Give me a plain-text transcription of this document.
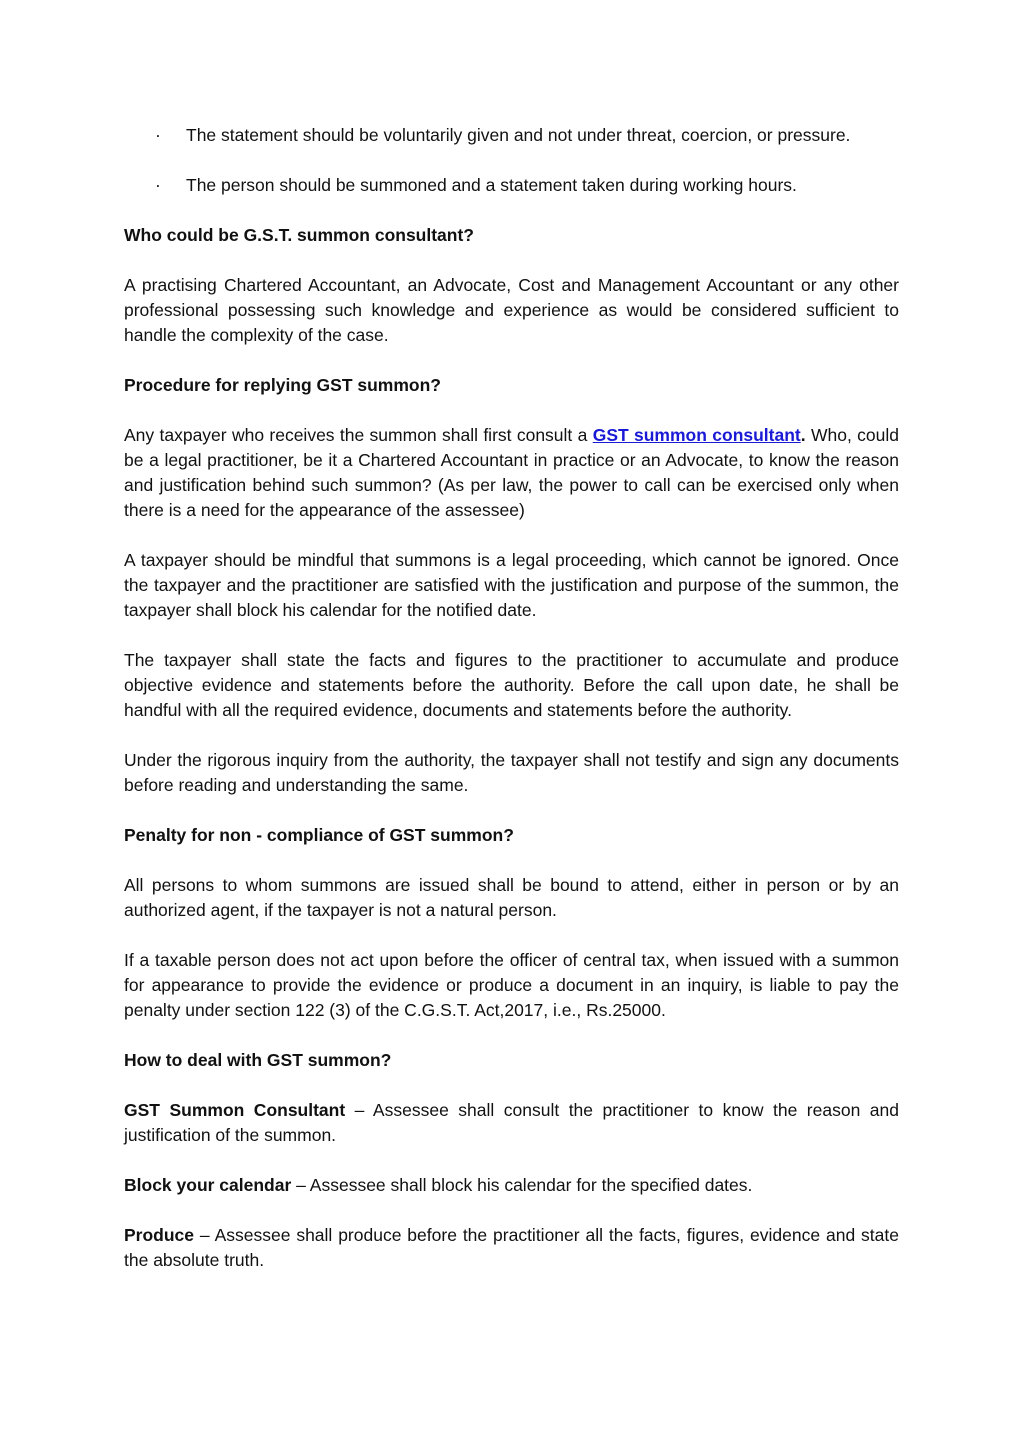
· The statement should be voluntarily given and not under threat, coercion, or pressure.
· The person should be summoned and a statement taken during working hours.
Who could be G.S.T. summon consultant?

A practising Chartered Accountant, an Advocate, Cost and Management Accountant or any other professional possessing such knowledge and experience as would be considered sufficient to handle the complexity of the case.

Procedure for replying GST summon?

Any taxpayer who receives the summon shall first consult a GST summon consultant. Who, could be a legal practitioner, be it a Chartered Accountant in practice or an Advocate, to know the reason and justification behind such summon? (As per law, the power to call can be exercised only when there is a need for the appearance of the assessee)

A taxpayer should be mindful that summons is a legal proceeding, which cannot be ignored. Once the taxpayer and the practitioner are satisfied with the justification and purpose of the summon, the taxpayer shall block his calendar for the notified date.

The taxpayer shall state the facts and figures to the practitioner to accumulate and produce objective evidence and statements before the authority. Before the call upon date, he shall be handful with all the required evidence, documents and statements before the authority.

Under the rigorous inquiry from the authority, the taxpayer shall not testify and sign any documents before reading and understanding the same.

Penalty for non - compliance of GST summon?

All persons to whom summons are issued shall be bound to attend, either in person or by an authorized agent, if the taxpayer is not a natural person.

If a taxable person does not act upon before the officer of central tax, when issued with a summon for appearance to provide the evidence or produce a document in an inquiry, is liable to pay the penalty under section 122 (3) of the C.G.S.T. Act,2017, i.e., Rs.25000.

How to deal with GST summon?

GST Summon Consultant – Assessee shall consult the practitioner to know the reason and justification of the summon.

Block your calendar – Assessee shall block his calendar for the specified dates.

Produce – Assessee shall produce before the practitioner all the facts, figures, evidence and state the absolute truth.
